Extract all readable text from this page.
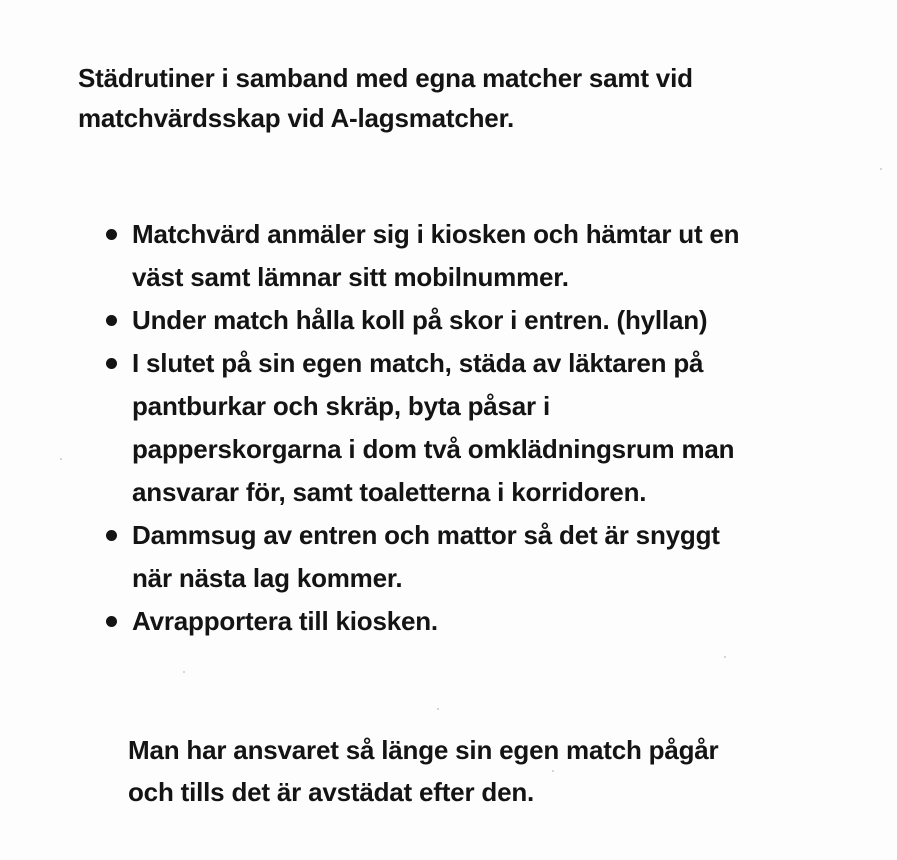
Städrutiner i samband med egna matcher samt vid
matchvärdsskap vid A-lagsmatcher.
Matchvärd anmäler sig i kiosken och hämtar ut en
väst samt lämnar sitt mobilnummer.
Under match hålla koll på skor i entren. (hyllan)
I slutet på sin egen match, städa av läktaren på
pantburkar och skräp, byta påsar i
papperskorgarna i dom två omklädningsrum man
ansvarar för, samt toaletterna i korridoren.
Dammsug av entren och mattor så det är snyggt
när nästa lag kommer.
Avrapportera till kiosken.

Man har ansvaret så länge sin egen match pågår
och tills det är avstädat efter den.
